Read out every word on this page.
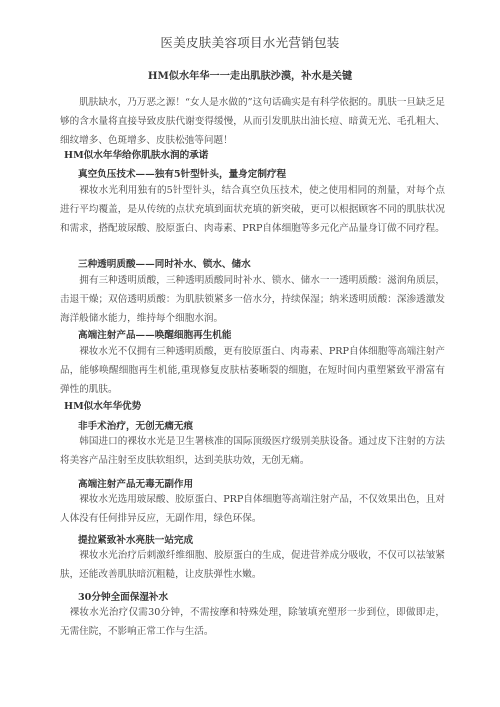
医美皮肤美容项目水光营销包装
HM似水年华一一走出肌肤沙漠，补水是关键

肌肤缺水，乃万恶之源！“女人是水做的”这句话确实是有科学依据的。肌肤一旦缺乏足够的含水量将直接导致皮肤代谢变得缓慢，从而引发肌肤出油长痘、暗黄无光、毛孔粗大、细纹增多、色斑增多、皮肤松弛等问题！

HM似水年华给你肌肤水润的承诺
真空负压技术——独有5针型针头，量身定制疗程

裸妆水光利用独有的5针型针头，结合真空负压技术，使之使用相同的剂量，对每个点进行平均覆盖，是从传统的点状充填到面状充填的新突破，更可以根据顾客不同的肌肤状况和需求，搭配玻尿酸、胶原蛋白、肉毒素、PRP自体细胞等多元化产品量身订做不同疗程。

三种透明质酸——同时补水、锁水、储水

拥有三种透明质酸，三种透明质酸同时补水、锁水、储水一一透明质酸：滋润角质层，击退干燥；双倍透明质酸：为肌肤锁紧多一倍水分，持续保湿；纳米透明质酸：深渗透激发海洋般储水能力，维持每个细胞水润。

高端注射产品——唤醒细胞再生机能

裸妆水光不仅拥有三种透明质酸，更有胶原蛋白、肉毒素、PRP自体细胞等高端注射产品，能够唤醒细胞再生机能,重现修复皮肤枯萎晰裂的细胞，在短时间内重塑紧致平滑富有弹性的肌肤。

HM似水年华优势
非手术治疗，无创无痛无痕

韩国进口的裸妆水光是卫生署核准的国际顶级医疗级别美肤设备。通过皮下注射的方法将美容产品注射至皮肤软组织，达到美肤功效，无创无痛。

高端注射产品无毒无副作用

裸妆水光选用玻尿酸、胶原蛋白、PRP自体细胞等高端注射产品，不仅效果出色，且对人体没有任何排异反应，无副作用，绿色环保。

提拉紧致补水亮肤一站完成

裸妆水光治疗后刺激纤维细胞、胶原蛋白的生成，促进营养成分吸收，不仅可以祛皱紧肤，还能改善肌肤暗沉粗糙，让皮肤弹性水嫩。

30分钟全面保湿补水

裸妆水光治疗仅需30分钟，不需按摩和特殊处理，除皱填充塑形一步到位，即做即走，无需住院，不影响正常工作与生活。
